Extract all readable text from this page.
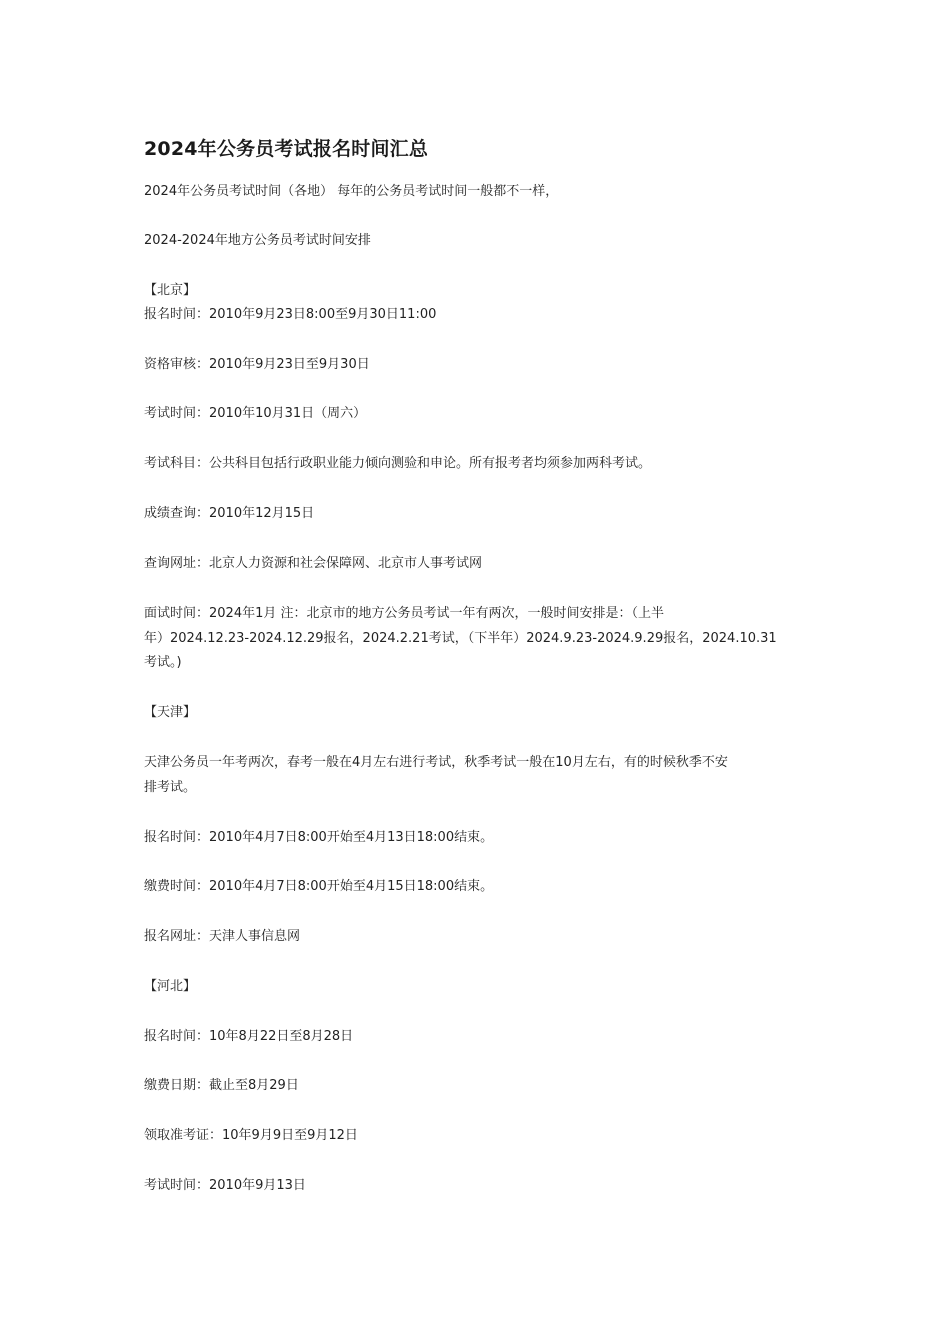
2024年公务员考试报名时间汇总
2024年公务员考试时间（各地） 每年的公务员考试时间一般都不一样，
2024-2024年地方公务员考试时间安排
【北京】
报名时间：2010年9月23日8:00至9月30日11:00
资格审核：2010年9月23日至9月30日
考试时间：2010年10月31日（周六）
考试科目：公共科目包括行政职业能力倾向测验和申论。所有报考者均须参加两科考试。
成绩查询：2010年12月15日
查询网址：北京人力资源和社会保障网、北京市人事考试网
面试时间：2024年1月 注：北京市的地方公务员考试一年有两次，一般时间安排是：（上半
年）2024.12.23-2024.12.29报名，2024.2.21考试，（下半年）2024.9.23-2024.9.29报名，2024.10.31
考试。)
【天津】
天津公务员一年考两次，春考一般在4月左右进行考试，秋季考试一般在10月左右，有的时候秋季不安
排考试。
报名时间：2010年4月7日8:00开始至4月13日18:00结束。
缴费时间：2010年4月7日8:00开始至4月15日18:00结束。
报名网址：天津人事信息网
【河北】
报名时间：10年8月22日至8月28日
缴费日期：截止至8月29日
领取准考证：10年9月9日至9月12日
考试时间：2010年9月13日
